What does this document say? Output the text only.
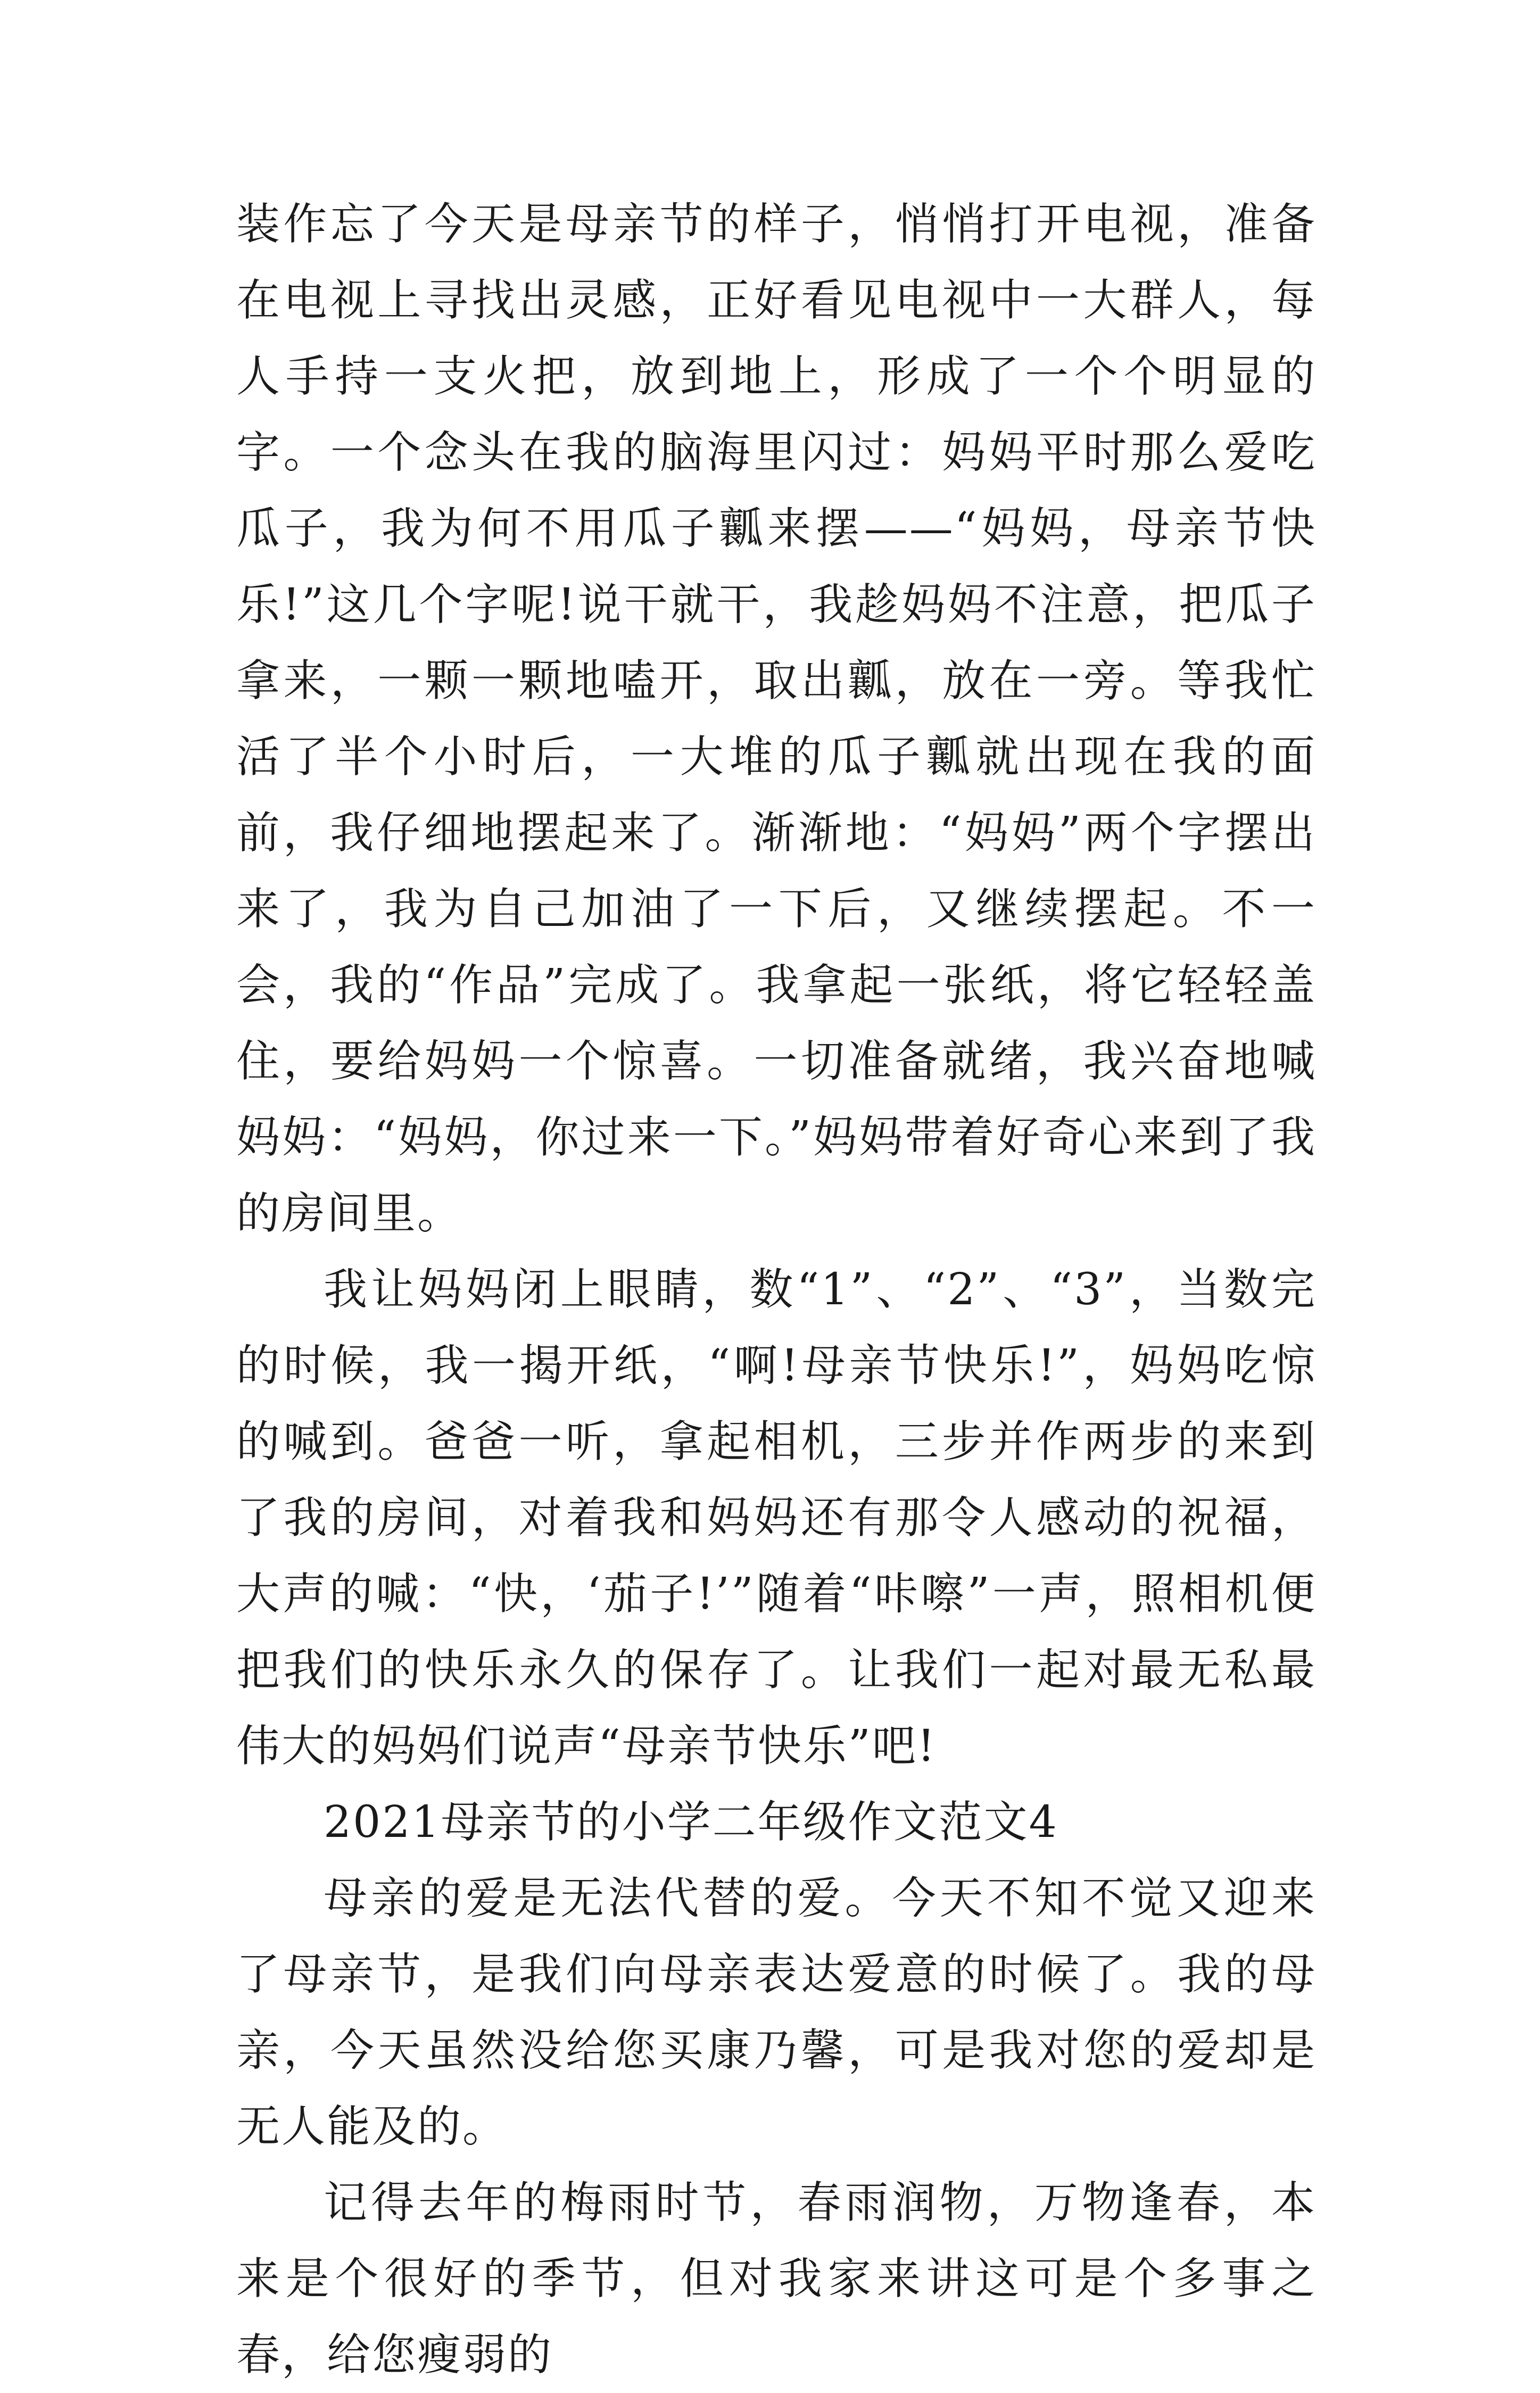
装作忘了今天是母亲节的样子，悄悄打开电视，准备在电视上寻找出灵感，正好看见电视中一大群人，每人手持一支火把，放到地上，形成了一个个明显的字。一个念头在我的脑海里闪过：妈妈平时那么爱吃瓜子，我为何不用瓜子瓤来摆——“妈妈，母亲节快乐!”这几个字呢!说干就干，我趁妈妈不注意，把瓜子拿来，一颗一颗地嗑开，取出瓤，放在一旁。等我忙活了半个小时后，一大堆的瓜子瓤就出现在我的面前，我仔细地摆起来了。渐渐地：“妈妈”两个字摆出来了，我为自己加油了一下后，又继续摆起。不一会，我的“作品”完成了。我拿起一张纸，将它轻轻盖住，要给妈妈一个惊喜。一切准备就绪，我兴奋地喊妈妈：“妈妈，你过来一下。”妈妈带着好奇心来到了我的房间里。

我让妈妈闭上眼睛，数“1”、“2”、“3”，当数完的时候，我一揭开纸，“啊!母亲节快乐!”，妈妈吃惊的喊到。爸爸一听，拿起相机，三步并作两步的来到了我的房间，对着我和妈妈还有那令人感动的祝福，大声的喊：“快，‘茄子!’”随着“咔嚓”一声，照相机便把我们的快乐永久的保存了。让我们一起对最无私最伟大的妈妈们说声“母亲节快乐”吧!

2021母亲节的小学二年级作文范文4

母亲的爱是无法代替的爱。今天不知不觉又迎来了母亲节，是我们向母亲表达爱意的时候了。我的母亲，今天虽然没给您买康乃馨，可是我对您的爱却是无人能及的。

记得去年的梅雨时节，春雨润物，万物逢春，本来是个很好的季节，但对我家来讲这可是个多事之春，给您瘦弱的
